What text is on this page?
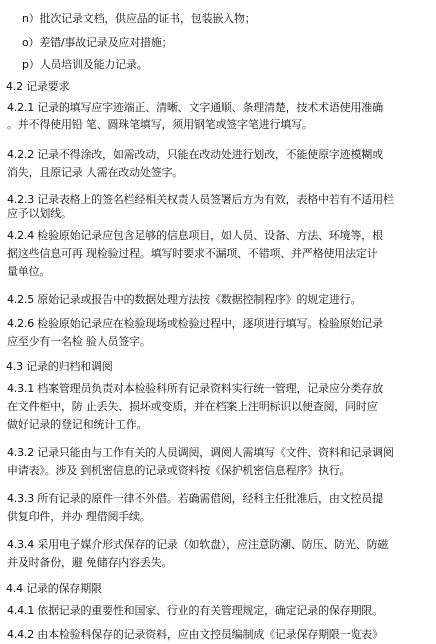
n）批次记录文档，供应品的证书，包装嵌入物；
o）差错/事故记录及应对措施；
p）人员培训及能力记录。
4.2 记录要求
4.2.1 记录的填写应字迹端正、清晰、文字通顺、条理清楚，技术术语使用准确
。并不得使用铅 笔、圆珠笔填写，须用钢笔或签字笔进行填写。
4.2.2 记录不得涂改，如需改动，只能在改动处进行划改，不能使原字迹模糊或
消失，且原记录 人需在改动处签字。
4.2.3 记录表格上的签名栏经相关权责人员签署后方为有效，表格中若有不适用栏
应予以划线。
4.2.4 检验原始记录应包含足够的信息项目，如人员、设备、方法、环境等，根
据这些信息可再 现检验过程。填写时要求不漏项、不错项、并严格使用法定计
量单位。
4.2.5 原始记录或报告中的数据处理方法按《数据控制程序》的规定进行。
4.2.6 检验原始记录应在检验现场或检验过程中，逐项进行填写。检验原始记录
应至少有一名检 验人员签字。
4.3 记录的归档和调阅
4.3.1 档案管理员负责对本检验科所有记录资料实行统一管理，记录应分类存放
在文件柜中，防 止丢失、损坏或变质，并在档案上注明标识以便查阅，同时应
做好记录的登记和统计工作。
4.3.2 记录只能由与工作有关的人员调阅，调阅人需填写《文件、资料和记录调阅
申请表》。涉及 到机密信息的记录或资料按《保护机密信息程序》执行。
4.3.3 所有记录的原件一律不外借。若确需借阅，经科主任批准后，由文控员提
供复印件，并办 理借阅手续。
4.3.4 采用电子媒介形式保存的记录（如软盘），应注意防潮、防压、防光、防磁
并及时备份，避 免储存内容丢失。
4.4 记录的保存期限
4.4.1 依据记录的重要性和国家、行业的有关管理规定，确定记录的保存期限。
4.4.2 由本检验科保存的记录资料，应由文控员编制成《记录保存期限一览表》
